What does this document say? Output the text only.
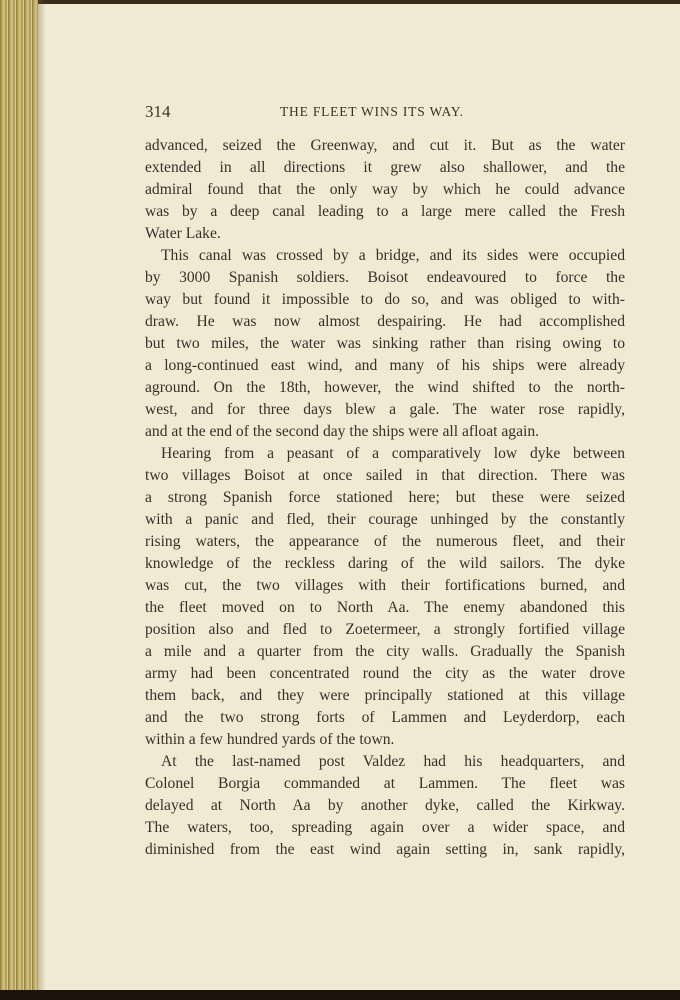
314	THE FLEET WINS ITS WAY.
advanced, seized the Greenway, and cut it. But as the water
extended in all directions it grew also shallower, and the
admiral found that the only way by which he could advance
was by a deep canal leading to a large mere called the Fresh
Water Lake.
This canal was crossed by a bridge, and its sides were occupied
by 3000 Spanish soldiers. Boisot endeavoured to force the
way but found it impossible to do so, and was obliged to with-
draw. He was now almost despairing. He had accomplished
but two miles, the water was sinking rather than rising owing to
a long-continued east wind, and many of his ships were already
aground. On the 18th, however, the wind shifted to the north-
west, and for three days blew a gale. The water rose rapidly,
and at the end of the second day the ships were all afloat again.
Hearing from a peasant of a comparatively low dyke between
two villages Boisot at once sailed in that direction. There was
a strong Spanish force stationed here; but these were seized
with a panic and fled, their courage unhinged by the constantly
rising waters, the appearance of the numerous fleet, and their
knowledge of the reckless daring of the wild sailors. The dyke
was cut, the two villages with their fortifications burned, and
the fleet moved on to North Aa. The enemy abandoned this
position also and fled to Zoetermeer, a strongly fortified village
a mile and a quarter from the city walls. Gradually the Spanish
army had been concentrated round the city as the water drove
them back, and they were principally stationed at this village
and the two strong forts of Lammen and Leyderdorp, each
within a few hundred yards of the town.
At the last-named post Valdez had his headquarters, and
Colonel Borgia commanded at Lammen. The fleet was
delayed at North Aa by another dyke, called the Kirkway.
The waters, too, spreading again over a wider space, and
diminished from the east wind again setting in, sank rapidly,
